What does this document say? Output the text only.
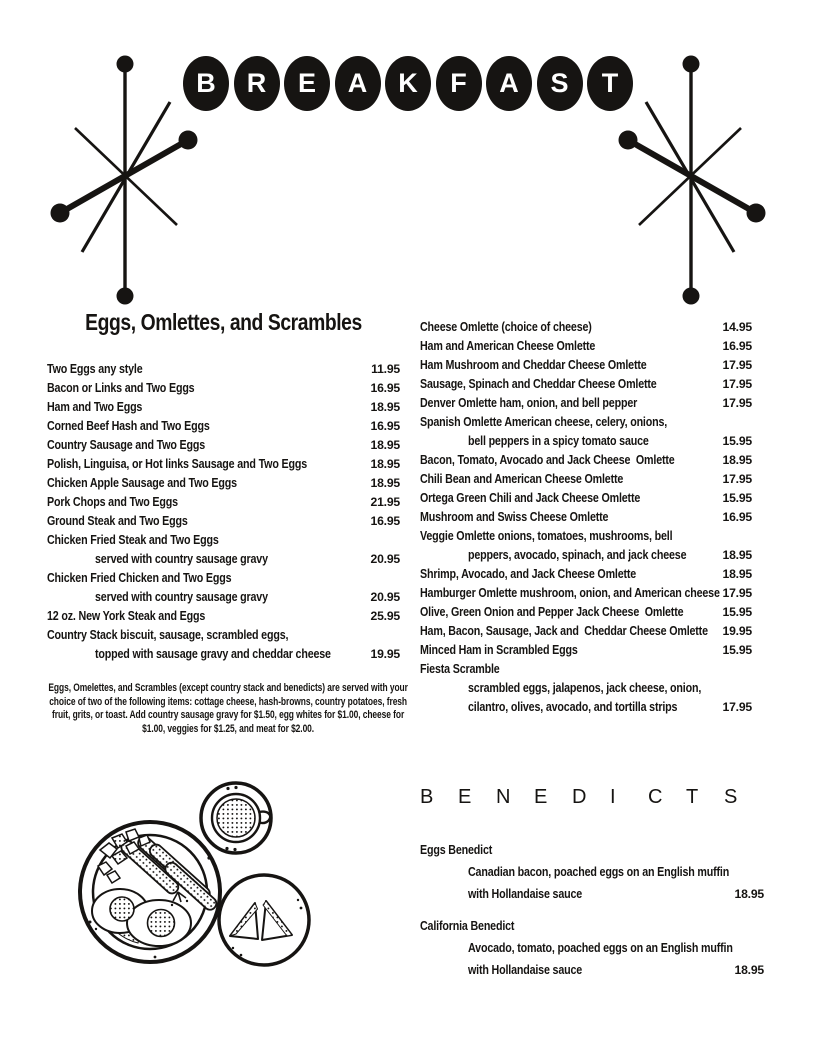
B R E A K F A S T
Eggs, Omlettes, and Scrambles
Two Eggs any style	11.95
Bacon or Links and Two Eggs	16.95
Ham and Two Eggs	18.95
Corned Beef Hash and Two Eggs	16.95
Country Sausage and Two Eggs	18.95
Polish, Linguisa, or Hot links Sausage and Two Eggs	18.95
Chicken Apple Sausage and Two Eggs	18.95
Pork Chops and Two Eggs	21.95
Ground Steak and Two Eggs	16.95
Chicken Fried Steak and Two Eggs
served with country sausage gravy	20.95
Chicken Fried Chicken and Two Eggs
served with country sausage gravy	20.95
12 oz. New York Steak and Eggs	25.95
Country Stack biscuit, sausage, scrambled eggs,
topped with sausage gravy and cheddar cheese	19.95
Eggs, Omelettes, and Scrambles (except country stack and benedicts) are served with your choice of two of the following items: cottage cheese, hash-browns, country potatoes, fresh fruit, grits, or toast. Add country sausage gravy for $1.50, egg whites for $1.00, cheese for $1.00, veggies for $1.25, and meat for $2.00.
Cheese Omlette (choice of cheese)	14.95
Ham and American Cheese Omlette	16.95
Ham Mushroom and Cheddar Cheese Omlette	17.95
Sausage, Spinach and Cheddar Cheese Omlette	17.95
Denver Omlette ham, onion, and bell pepper	17.95
Spanish Omlette American cheese, celery, onions,
bell peppers in a spicy tomato sauce	15.95
Bacon, Tomato, Avocado and Jack Cheese  Omlette	18.95
Chili Bean and American Cheese Omlette	17.95
Ortega Green Chili and Jack Cheese Omlette	15.95
Mushroom and Swiss Cheese Omlette	16.95
Veggie Omlette onions, tomatoes, mushrooms, bell
peppers, avocado, spinach, and jack cheese	18.95
Shrimp, Avocado, and Jack Cheese Omlette	18.95
Hamburger Omlette mushroom, onion, and American cheese 17.95
Olive, Green Onion and Pepper Jack Cheese  Omlette	15.95
Ham, Bacon, Sausage, Jack and  Cheddar Cheese Omlette 19.95
Minced Ham in Scrambled Eggs	15.95
Fiesta Scramble
scrambled eggs, jalapenos, jack cheese, onion,
cilantro, olives, avocado, and tortilla strips	17.95
B	E	N	E	D	I	C	T	S
Eggs Benedict
Canadian bacon, poached eggs on an English muffin
with Hollandaise sauce	18.95
California Benedict
Avocado, tomato, poached eggs on an English muffin
with Hollandaise sauce	18.95
